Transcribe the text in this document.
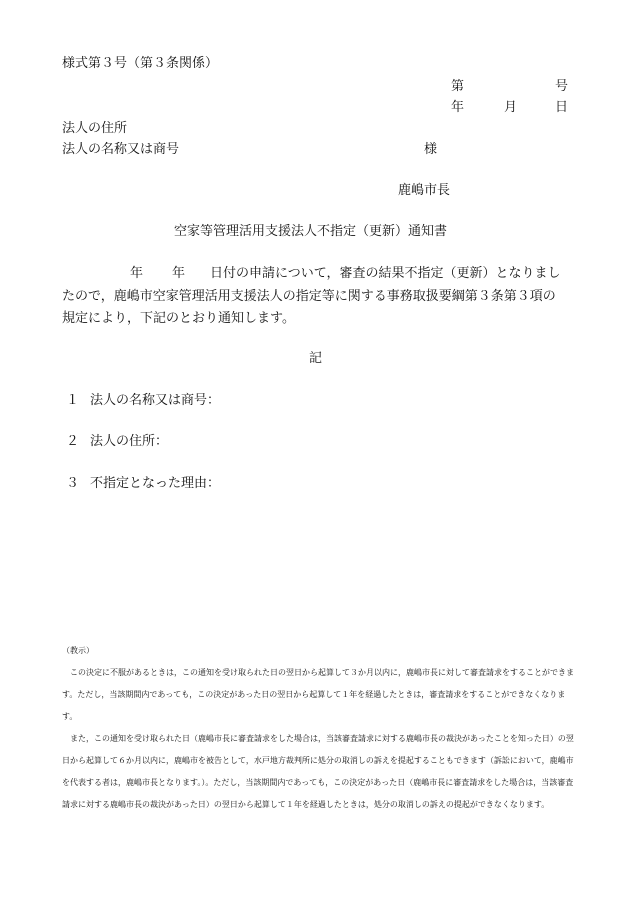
様式第３号（第３条関係）
第	号
年	月	日
法人の住所
法人の名称又は商号	様
鹿嶋市長
空家等管理活用支援法人不指定（更新）通知書
年 年 日付の申請について，審査の結果不指定（更新）となりまし
たので，鹿嶋市空家管理活用支援法人の指定等に関する事務取扱要綱第３条第３項の
規定により，下記のとおり通知します。
記
１ 法人の名称又は商号：
２ 法人の住所：
３ 不指定となった理由：

（教示）

この決定に不服があるときは，この通知を受け取られた日の翌日から起算して３か月以内に，鹿嶋市長に対して審査請求をすることができます。ただし，当該期間内であっても，この決定があった日の翌日から起算して１年を経過したときは，審査請求をすることができなくなります。

また，この通知を受け取られた日（鹿嶋市長に審査請求をした場合は，当該審査請求に対する鹿嶋市長の裁決があったことを知った日）の翌日から起算して６か月以内に，鹿嶋市を被告として，水戸地方裁判所に処分の取消しの訴えを提起することもできます（訴訟において，鹿嶋市を代表する者は，鹿嶋市長となります。）。ただし，当該期間内であっても，この決定があった日（鹿嶋市長に審査請求をした場合は，当該審査請求に対する鹿嶋市長の裁決があった日）の翌日から起算して１年を経過したときは，処分の取消しの訴えの提起ができなくなります。
